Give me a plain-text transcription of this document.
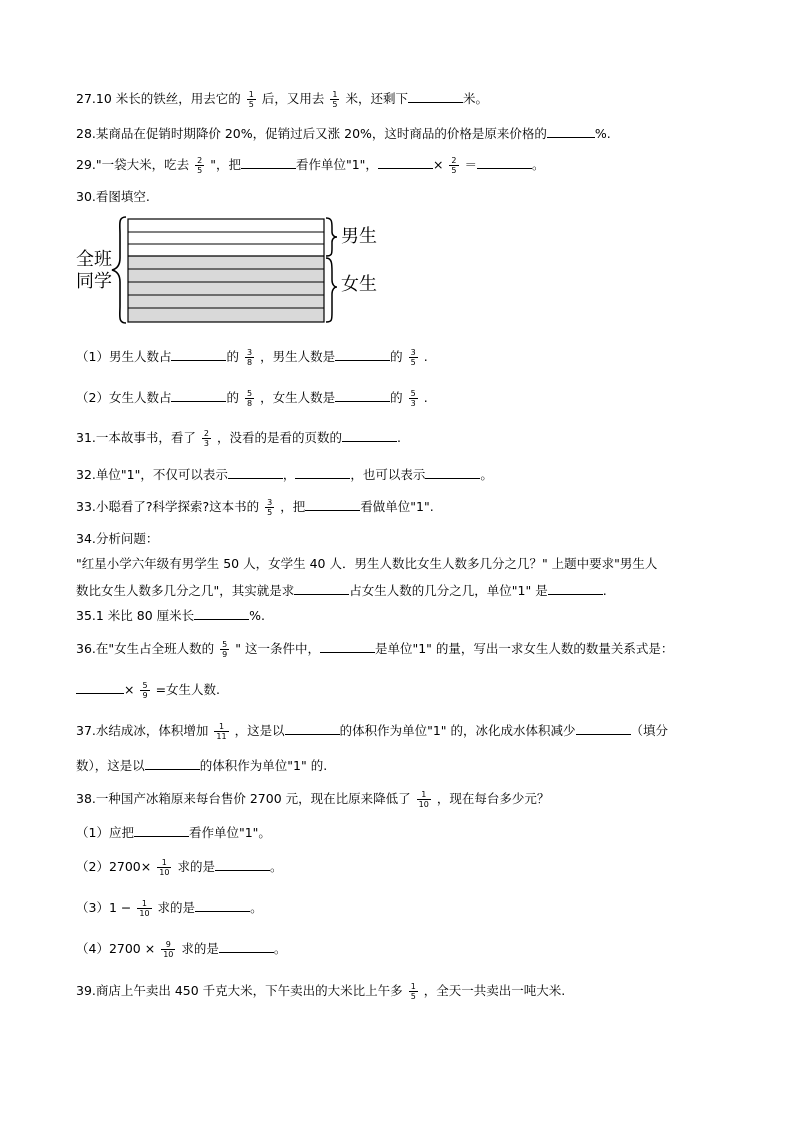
27.10 米长的铁丝，用去它的 $\frac{1}{5}$ 后，又用去 $\frac{1}{5}$ 米，还剩下	米。
28.某商品在促销时期降价 20%，促销过后又涨 20%，这时商品的价格是原来价格的	%.
29."一袋大米，吃去 $\frac{2}{5}$ "，把	看作单位"1"，	× $\frac{2}{5}$ ＝	。
30.看图填空.
全班
同学
男生
女生
（1）男生人数占	的 $\frac{3}{8}$ ，男生人数是	的 $\frac{3}{5}$ .
（2）女生人数占	的 $\frac{5}{8}$ ，女生人数是	的 $\frac{5}{3}$ .
31.一本故事书，看了 $\frac{2}{3}$ ，没看的是看的页数的	.
32.单位"1"，不仅可以表示	，	，也可以表示	。
33.小聪看了?科学探索?这本书的 $\frac{3}{5}$ ，把	看做单位"1".
34.分析问题：
"红星小学六年级有男学生 50 人，女学生 40 人．男生人数比女生人数多几分之几？" 上题中要求"男生人
数比女生人数多几分之几"，其实就是求	占女生人数的几分之几，单位"1" 是	.
35.1 米比 80 厘米长	%.
36.在"女生占全班人数的 $\frac{5}{9}$ " 这一条件中，	是单位"1" 的量，写出一求女生人数的数量关系式是：
× $\frac{5}{9}$ =女生人数.
37.水结成冰，体积增加 $\frac{1}{11}$ ，这是以	的体积作为单位"1" 的，冰化成水体积减少	（填分
数），这是以	的体积作为单位"1" 的.
38.一种国产冰箱原来每台售价 2700 元，现在比原来降低了 $\frac{1}{10}$ ，现在每台多少元？
（1）应把	看作单位"1"。
$(2)2700\times \frac{1}{10}$ 求的是	。
$(3)1 - \frac{1}{10}$ 求的是	。
$(4)2700 \times \frac{9}{10}$ 求的是	。
39.商店上午卖出 450 千克大米，下午卖出的大米比上午多 $\frac{1}{5}$ ，全天一共卖出一吨大米.
